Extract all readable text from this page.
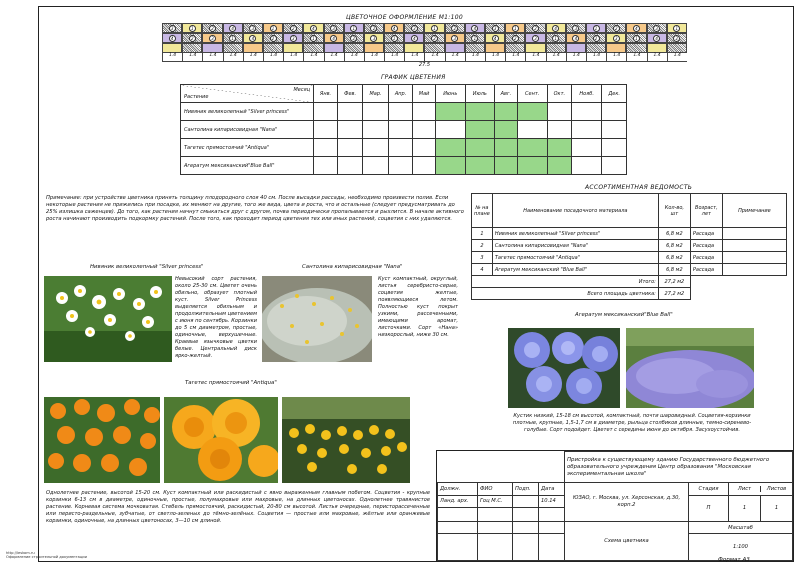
ЦВЕТОЧНОЕ ОФОРМЛЕНИЕ М1:100
3	1	2	4	3	1	2	4	3	1	2	4	3	1	2	4	3	1	2	4	3	1	2	4	3	1
4	2	3	1	4	2	3	1	4	2	3	1	4	2	3	1	4	2	3	1	4	2	3	1	4	2
1.4	1.4	1.4	1.4	1.4	1.4	1.4	1.4	1.4	1.4	1.4	1.4	1.4	1.4	1.4	1.4	1.4	1.4	1.4	1.4	1.4	1.4	1.4	1.4	1.4	1.4
27.5
ГРАФИК ЦВЕТЕНИЯ
Растение
Месяц	Янв.	Фев.	Мар.	Апр.	Май	Июнь	Июль	Авг.	Сент.	Окт.	Нояб.	Дек.
Нивяник великолепный "Silver princess"												
Сантолина кипарисовидная "Nana"												
Тагетес прямостоячий "Antiqua"												
Агератум мексиканский"Blue Ball"												
Примечание: при устройстве цветника принять толщину плодородного слоя 40 см. После высадки рассады, необходимо произвести полив. Если некоторые растения не прижились при посадке, их меняют на другие, того же вида, цвета и роста, что и остальные (следует предусматривать до 25% излишка саженцев). До того, как растения начнут смыкаться друг с другом, почва периодически пропалывается и рыхлится. В начале активного роста начинают производить подкормку растений. После того, как проходит период цветения тех или иных растений, соцветия с них удаляются.
АССОРТИМЕНТНАЯ ВЕДОМОСТЬ
№ на плане	Наименование посадочного материала	Кол-во, шт	Возраст, лет	Примечание
1	Нивяник великолепный "Silver princess"	6,8 м2	Рассада	
2	Сантолина кипарисовидная "Nana"	6,8 м2	Рассада	
3	Тагетес прямостоячий "Antiqua"	6,8 м2	Рассада	
4	Агератум мексиканский "Blue Ball"	6,8 м2	Рассада	
Итого:		27,2 м2		
Всего площадь цветника:		27,2 м2		
Нивяник великолепный "Silver princess"
Невысокий сорт растения, около 25-30 см. Цветет очень обильно, образует плотный куст. Silver Princess выделяется обильным и продолжительным цветением с июня по сентябрь. Корзинки до 5 см диаметром, простые, одиночные, верхушечные. Краевые язычковые цветки белые. Центральный диск ярко-желтый.
Сантолина кипарисовидная "Nana"
Куст компактный, округлый, листья серебристо-серые, соцветия желтые, появляющиеся летом. Полностью куст покрыт узкими, рассеченными, имеющими аромат, листочками. Сорт «Нана» низкорослый, ниже 30 см.
Тагетес прямостоячий "Antiqua"
Однолетнее растение, высотой 15-20 см. Куст компактный или раскидистый с явно выраженным главным побегом. Соцветия - крупные корзинки 6-13 см в диаметре, одиночные, простые, полумахровые или махровые, на длинных цветоносах. Однолетнее травянистое растение. Корневая система мочковатая. Стебель прямостоячий, раскидистый, 20-80 см высотой. Листья очередные, перистораcсеченные или перисто-раздельные, зубчатые, от светло-зеленых до тёмно-зелёных. Соцветия — простые или махровые, жёлтые или оранжевые корзинки, одиночные, на длинных цветоносах, 3—10 см длиной.
Агератум мексиканский"Blue Ball"
Кустик низкий, 15-18 см высотой, компактный, почти шаровидный. Соцветия-корзинки плотные, крупные, 1,5-1,7 см в диаметре, рыльца столбиков длинные, темно-сиренево-голубые. Сорт подойдет. Цветет с середины июня до октября. Засухоустойчив.
				Пристройка к существующему зданию Государственного бюджетного образовательного учреждения Центр образования "Московская экспериментальная школа"		
Должн.	ФИО	Подп.	Дата	ЮЗАО, г. Москва, ул. Херсонская, д.30, корп.2	Стадия	Лист Листов

Ланд. арх.	Гоц М.С.		10.14		П	1 1

				Схема цветника	Масштаб	
					1:100	
Формат А3
http://leskom.ru
Оформление строительной документации
